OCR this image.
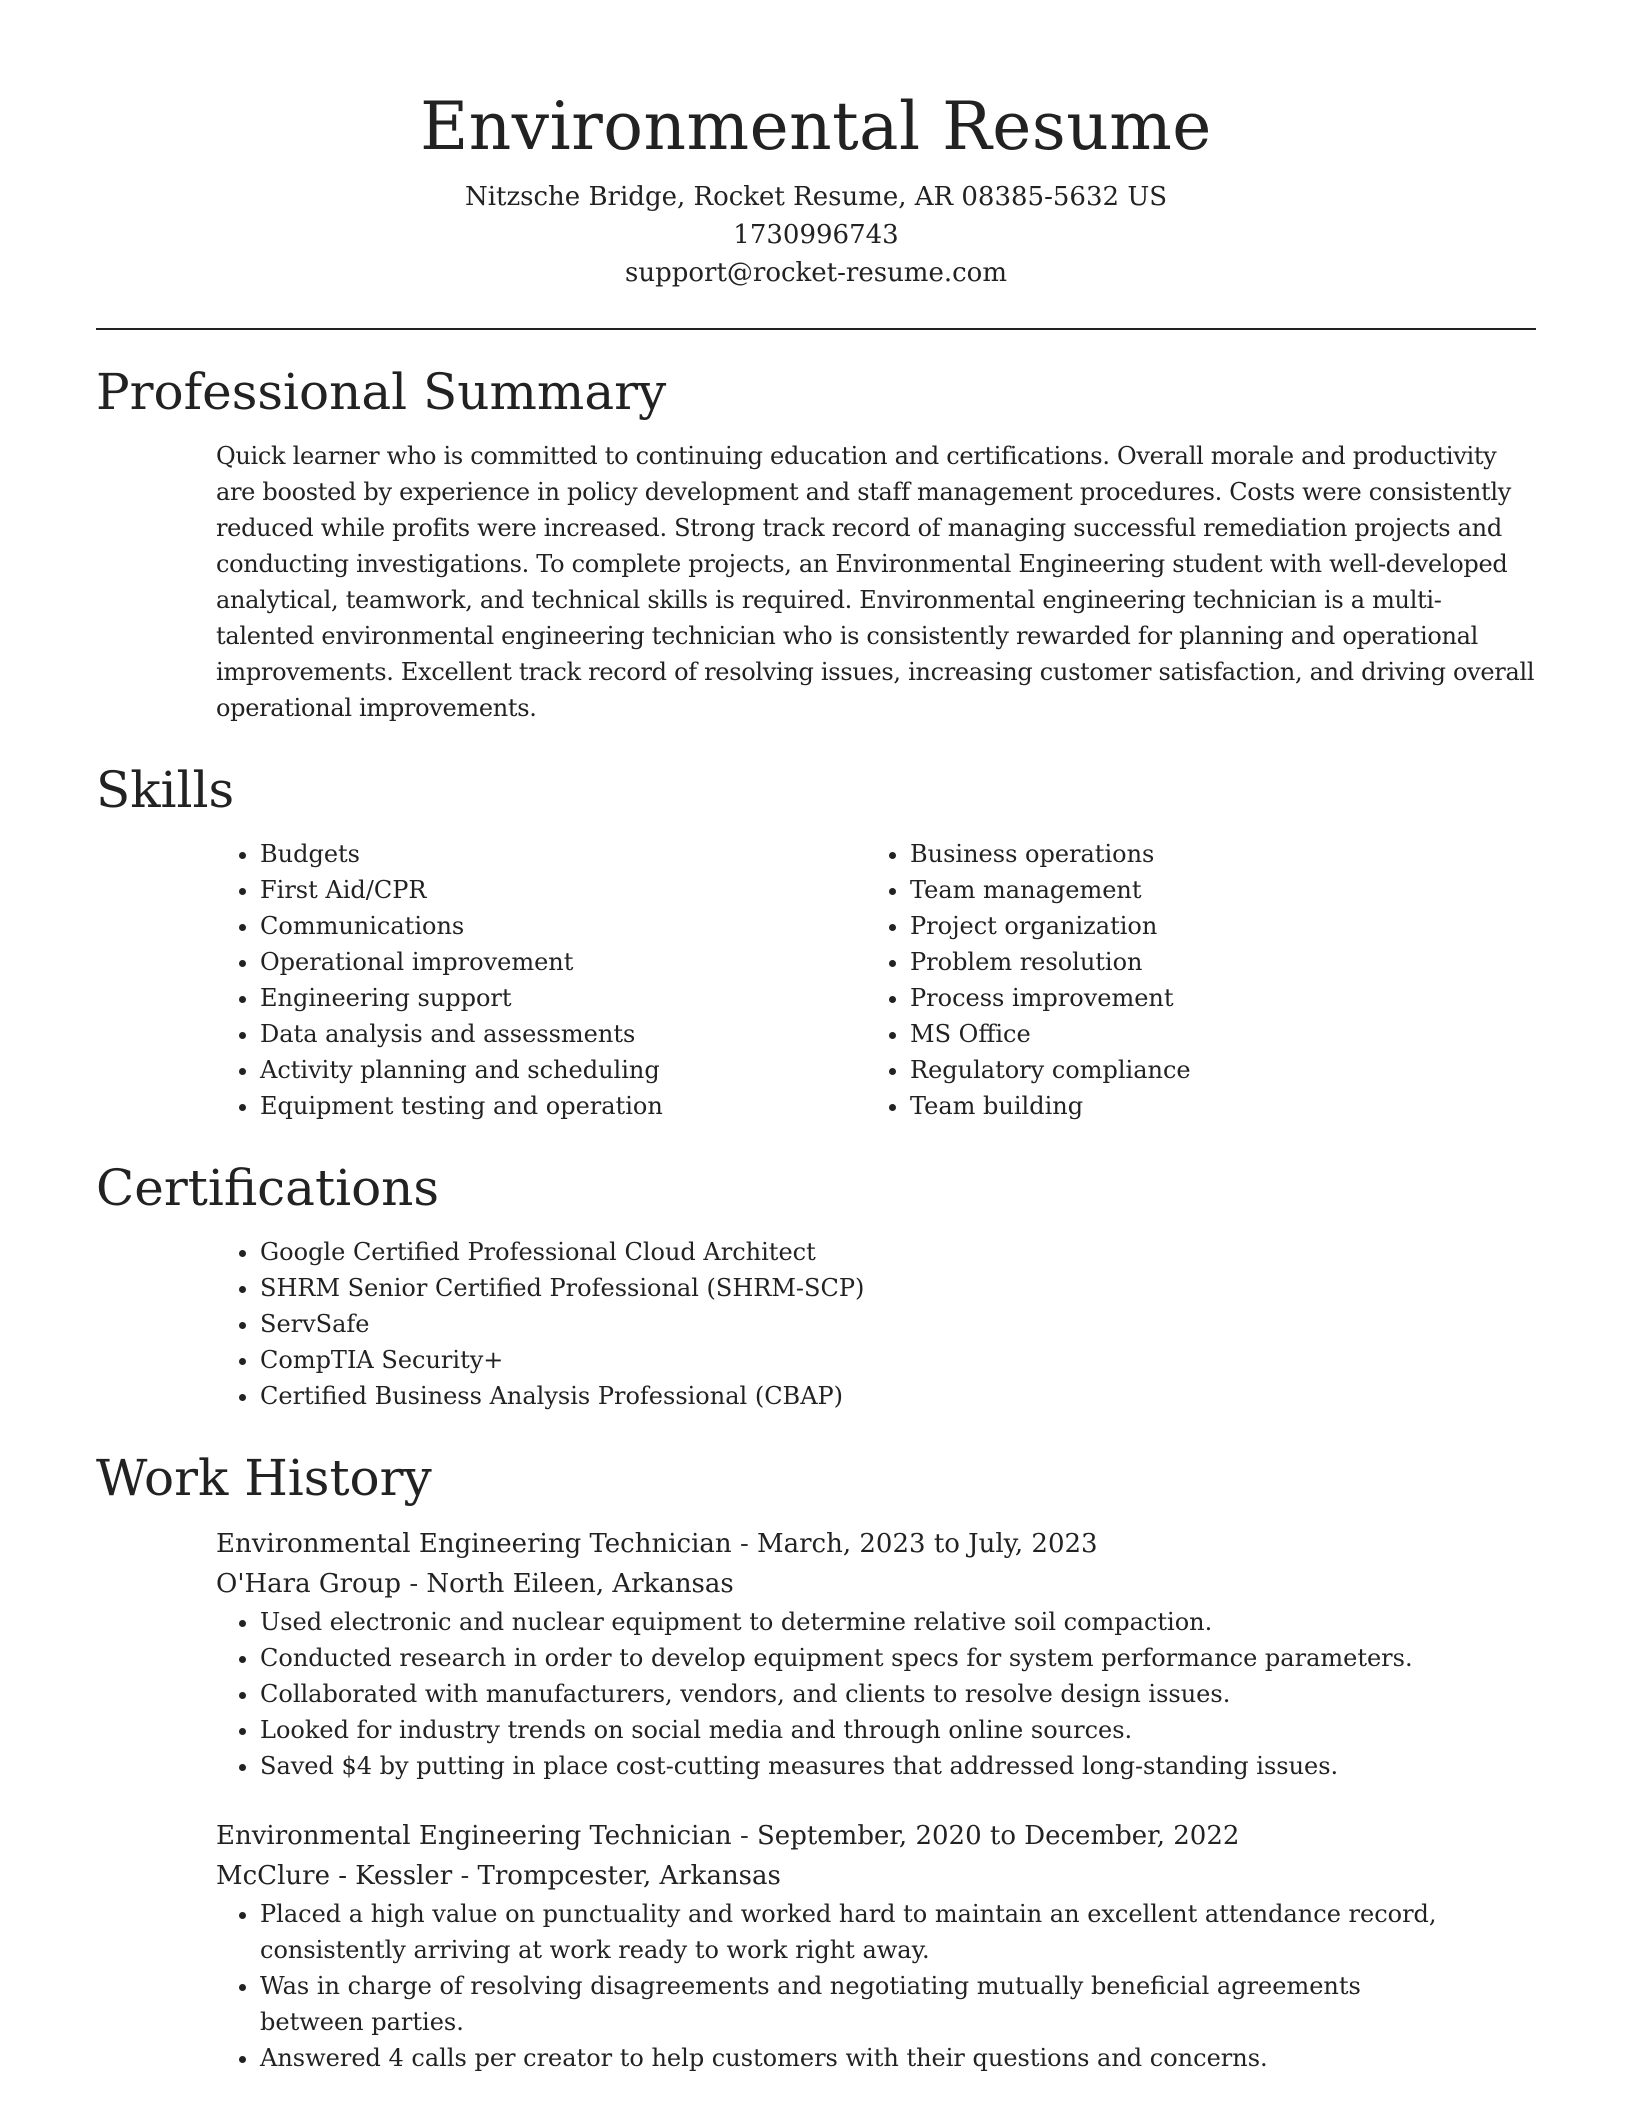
Environmental Resume

Nitzsche Bridge, Rocket Resume, AR 08385-5632 US

1730996743

support@rocket-resume.com

Professional Summary

Quick learner who is committed to continuing education and certifications. Overall morale and productivity are boosted by experience in policy development and staff management procedures. Costs were consistently reduced while profits were increased. Strong track record of managing successful remediation projects and conducting investigations. To complete projects, an Environmental Engineering student with well-developed analytical, teamwork, and technical skills is required. Environmental engineering technician is a multi-talented environmental engineering technician who is consistently rewarded for planning and operational improvements. Excellent track record of resolving issues, increasing customer satisfaction, and driving overall operational improvements.

Skills
• Budgets
• First Aid/CPR
• Communications
• Operational improvement
• Engineering support
• Data analysis and assessments
• Activity planning and scheduling
• Equipment testing and operation
• Business operations
• Team management
• Project organization
• Problem resolution
• Process improvement
• MS Office
• Regulatory compliance
• Team building
Certifications
• Google Certified Professional Cloud Architect
• SHRM Senior Certified Professional (SHRM-SCP)
• ServSafe
• CompTIA Security+
• Certified Business Analysis Professional (CBAP)
Work History

Environmental Engineering Technician - March, 2023 to July, 2023

O'Hara Group - North Eileen, Arkansas

• Used electronic and nuclear equipment to determine relative soil compaction.
• Conducted research in order to develop equipment specs for system performance parameters.
• Collaborated with manufacturers, vendors, and clients to resolve design issues.
• Looked for industry trends on social media and through online sources.
• Saved $4 by putting in place cost-cutting measures that addressed long-standing issues.

Environmental Engineering Technician - September, 2020 to December, 2022

McClure - Kessler - Trompcester, Arkansas

• Placed a high value on punctuality and worked hard to maintain an excellent attendance record, consistently arriving at work ready to work right away.
• Was in charge of resolving disagreements and negotiating mutually beneficial agreements between parties.
• Answered 4 calls per creator to help customers with their questions and concerns.
